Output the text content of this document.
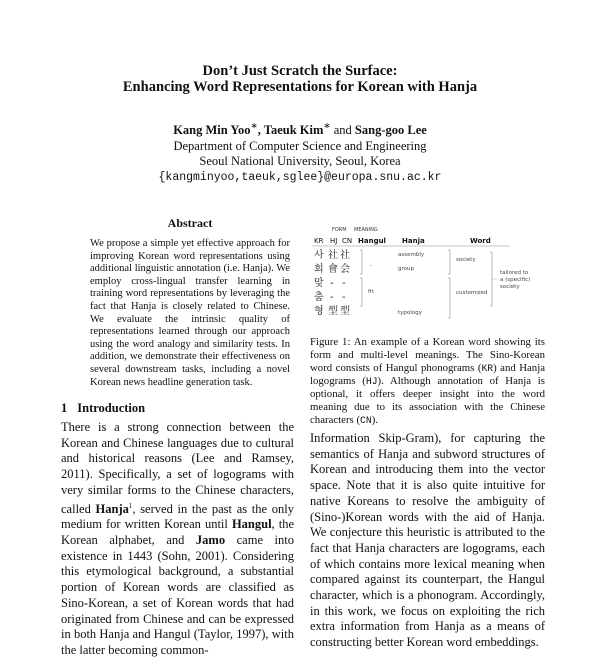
Don’t Just Scratch the Surface:
Enhancing Word Representations for Korean with Hanja
Kang Min Yoo∗, Taeuk Kim∗ and Sang-goo Lee
Department of Computer Science and Engineering
Seoul National University, Seoul, Korea
{kangminyoo,taeuk,sglee}@europa.snu.ac.kr
Abstract
We propose a simple yet effective approach for improving Korean word representations using additional linguistic annotation (i.e. Hanja). We employ cross-lingual transfer learning in training word representations by leveraging the fact that Hanja is closely related to Chinese. We evaluate the intrinsic quality of representations learned through our approach using the word analogy and similarity tests. In addition, we demonstrate their effectiveness on several downstream tasks, including a novel Korean news headline generation task.
FORM MEANING
KR HJ CN Hangul Hanja	Word
사 社 社
회 會 会
맞 - -
춤 - -
형 型 型
-
fit
assembly
group
typology
society
customized
tailored to
a (specific)
society
Figure 1: An example of a Korean word showing its form and multi-level meanings. The Sino-Korean word consists of Hangul phonograms (KR) and Hanja logograms (HJ). Although annotation of Hanja is optional, it offers deeper insight into the word meaning due to its association with the Chinese characters (CN).
1 Introduction
There is a strong connection between the Korean and Chinese languages due to cultural and historical reasons (Lee and Ramsey, 2011). Specifically, a set of logograms with very similar forms to the Chinese characters, called Hanja$^1$, served in the past as the only medium for written Korean until Hangul, the Korean alphabet, and Jamo came into existence in 1443 (Sohn, 2001). Considering this etymological background, a substantial portion of Korean words are classified as Sino-Korean, a set of Korean words that had originated from Chinese and can be expressed in both Hanja and Hangul (Taylor, 1997), with the latter becoming common-
Information Skip-Gram), for capturing the semantics of Hanja and subword structures of Korean and introducing them into the vector space. Note that it is also quite intuitive for native Koreans to resolve the ambiguity of (Sino-)Korean words with the aid of Hanja. We conjecture this heuristic is attributed to the fact that Hanja characters are logograms, each of which contains more lexical meaning when compared against its counterpart, the Hangul character, which is a phonogram. Accordingly, in this work, we focus on exploiting the rich extra information from Hanja as a means of constructing better Korean word embeddings.
